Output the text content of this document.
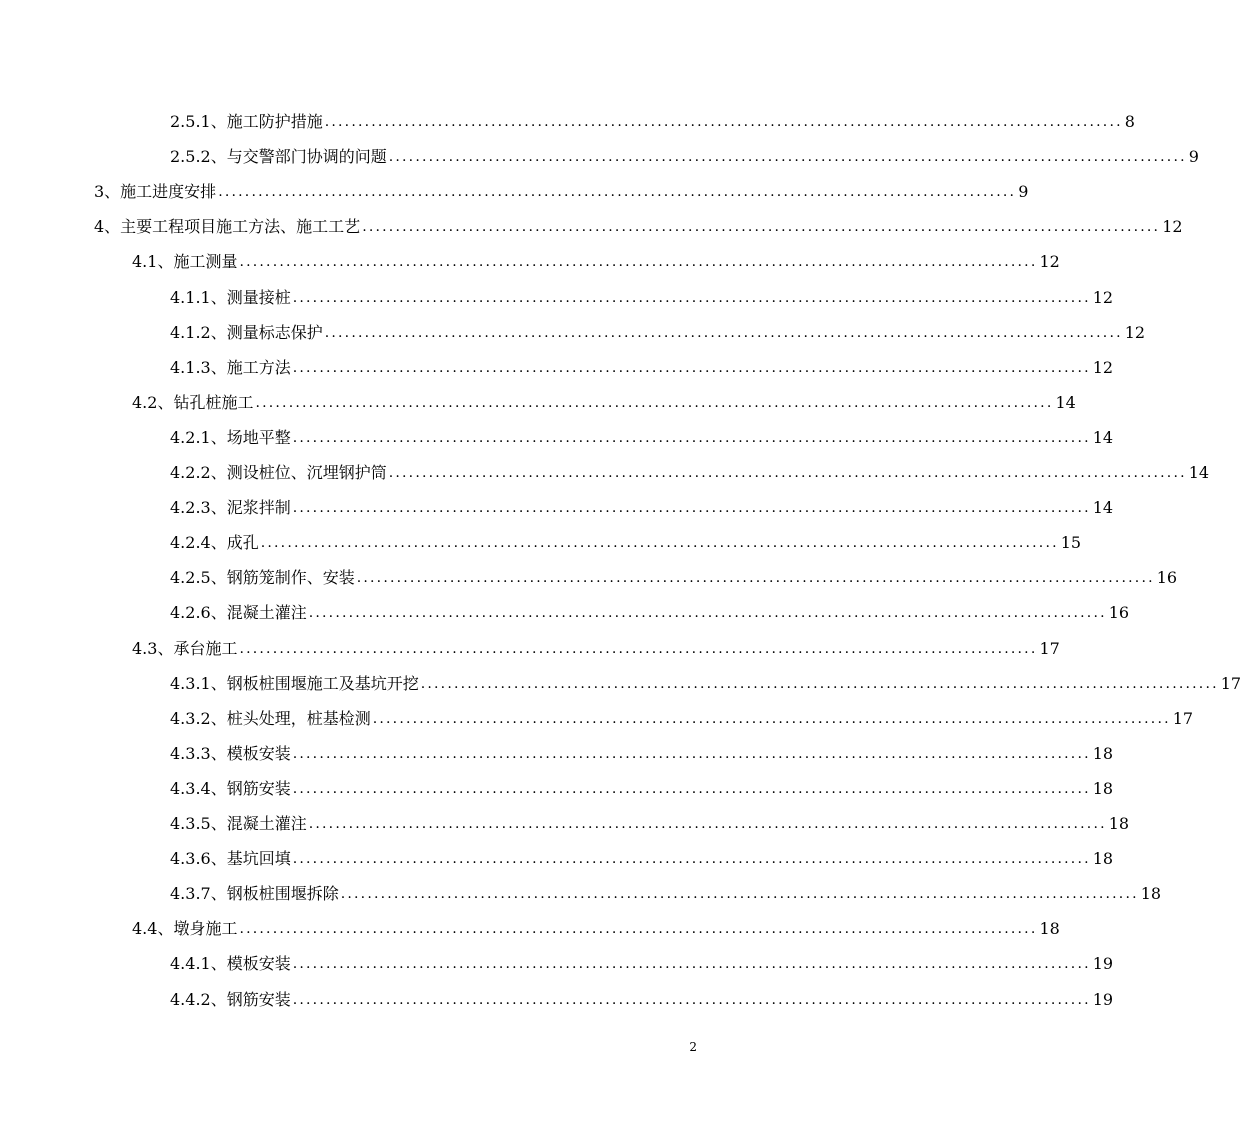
2.5.1、施工防护措施 ........................................................................................................................ 8
2.5.2、与交警部门协调的问题 ........................................................................................................................ 9
3、施工进度安排 ........................................................................................................................ 9
4、主要工程项目施工方法、施工工艺 ........................................................................................................................ 12
4.1、施工测量 ........................................................................................................................ 12
4.1.1、测量接桩 ........................................................................................................................ 12
4.1.2、测量标志保护 ........................................................................................................................ 12
4.1.3、施工方法 ........................................................................................................................ 12
4.2、钻孔桩施工 ........................................................................................................................ 14
4.2.1、场地平整 ........................................................................................................................ 14
4.2.2、测设桩位、沉埋钢护筒 ........................................................................................................................ 14
4.2.3、泥浆拌制 ........................................................................................................................ 14
4.2.4、成孔 ........................................................................................................................ 15
4.2.5、钢筋笼制作、安装 ........................................................................................................................ 16
4.2.6、混凝土灌注 ........................................................................................................................ 16
4.3、承台施工 ........................................................................................................................ 17
4.3.1、钢板桩围堰施工及基坑开挖 ........................................................................................................................ 17
4.3.2、桩头处理，桩基检测 ........................................................................................................................ 17
4.3.3、模板安装 ........................................................................................................................ 18
4.3.4、钢筋安装 ........................................................................................................................ 18
4.3.5、混凝土灌注 ........................................................................................................................ 18
4.3.6、基坑回填 ........................................................................................................................ 18
4.3.7、钢板桩围堰拆除 ........................................................................................................................ 18
4.4、墩身施工 ........................................................................................................................ 18
4.4.1、模板安装 ........................................................................................................................ 19
4.4.2、钢筋安装 ........................................................................................................................ 19
2
